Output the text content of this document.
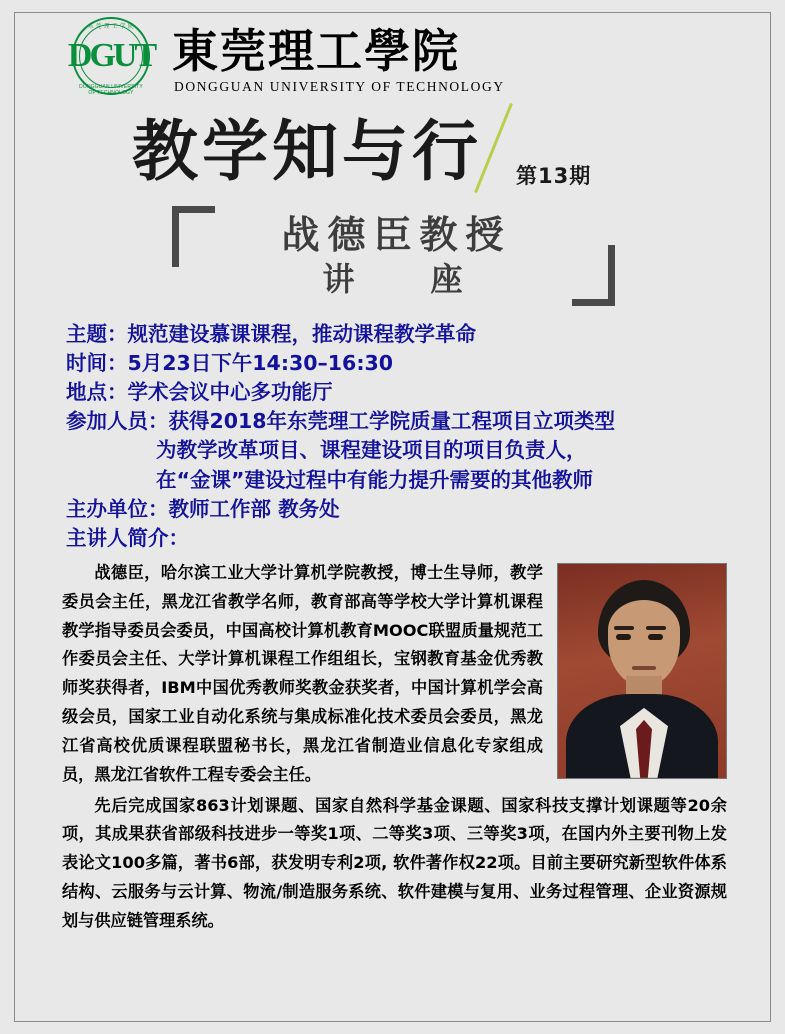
DGUT
东 莞 理 工 学 院
DONGGUAN UNIVERSITY OF TECHNOLOGY
東莞理工學院
DONGGUAN UNIVERSITY OF TECHNOLOGY
教学知与行 第13期
战德臣教授
讲　座
主题：规范建设慕课课程，推动课程教学革命
时间：5月23日下午14:30–16:30
地点：学术会议中心多功能厅
参加人员：获得2018年东莞理工学院质量工程项目立项类型
为教学改革项目、课程建设项目的项目负责人，
在“金课”建设过程中有能力提升需要的其他教师
主办单位：教师工作部 教务处
主讲人简介：

战德臣，哈尔滨工业大学计算机学院教授，博士生导师，教学委员会主任，黑龙江省教学名师，教育部高等学校大学计算机课程教学指导委员会委员，中国高校计算机教育MOOC联盟质量规范工作委员会主任、大学计算机课程工作组组长，宝钢教育基金优秀教师奖获得者，IBM中国优秀教师奖教金获奖者，中国计算机学会高级会员，国家工业自动化系统与集成标准化技术委员会委员，黑龙江省高校优质课程联盟秘书长，黑龙江省制造业信息化专家组成员，黑龙江省软件工程专委会主任。

先后完成国家863计划课题、国家自然科学基金课题、国家科技支撑计划课题等20余项，其成果获省部级科技进步一等奖1项、二等奖3项、三等奖3项，在国内外主要刊物上发表论文100多篇，著书6部，获发明专利2项, 软件著作权22项。目前主要研究新型软件体系结构、云服务与云计算、物流/制造服务系统、软件建模与复用、业务过程管理、企业资源规划与供应链管理系统。
